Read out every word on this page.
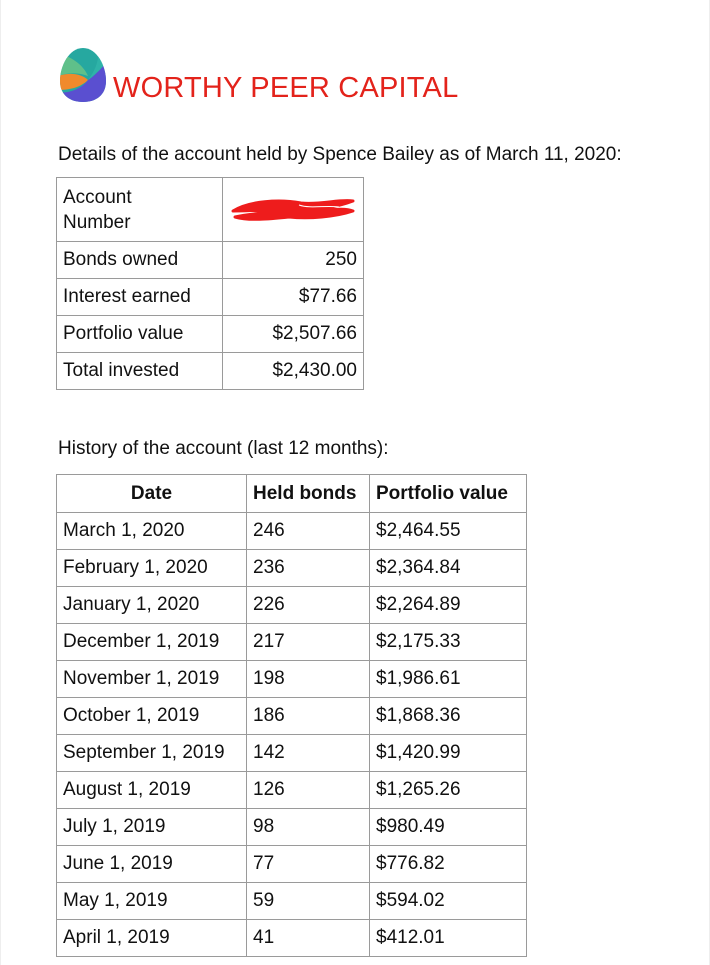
WORTHY PEER CAPITAL
Details of the account held by Spence Bailey as of March 11, 2020:
Account Number	
Bonds owned	250
Interest earned	$77.66
Portfolio value	$2,507.66
Total invested	$2,430.00
History of the account (last 12 months):
Date	Held bonds	Portfolio value
March 1, 2020	246	$2,464.55
February 1, 2020	236	$2,364.84
January 1, 2020	226	$2,264.89
December 1, 2019	217	$2,175.33
November 1, 2019	198	$1,986.61
October 1, 2019	186	$1,868.36
September 1, 2019	142	$1,420.99
August 1, 2019	126	$1,265.26
July 1, 2019	98	$980.49
June 1, 2019	77	$776.82
May 1, 2019	59	$594.02
April 1, 2019	41	$412.01
